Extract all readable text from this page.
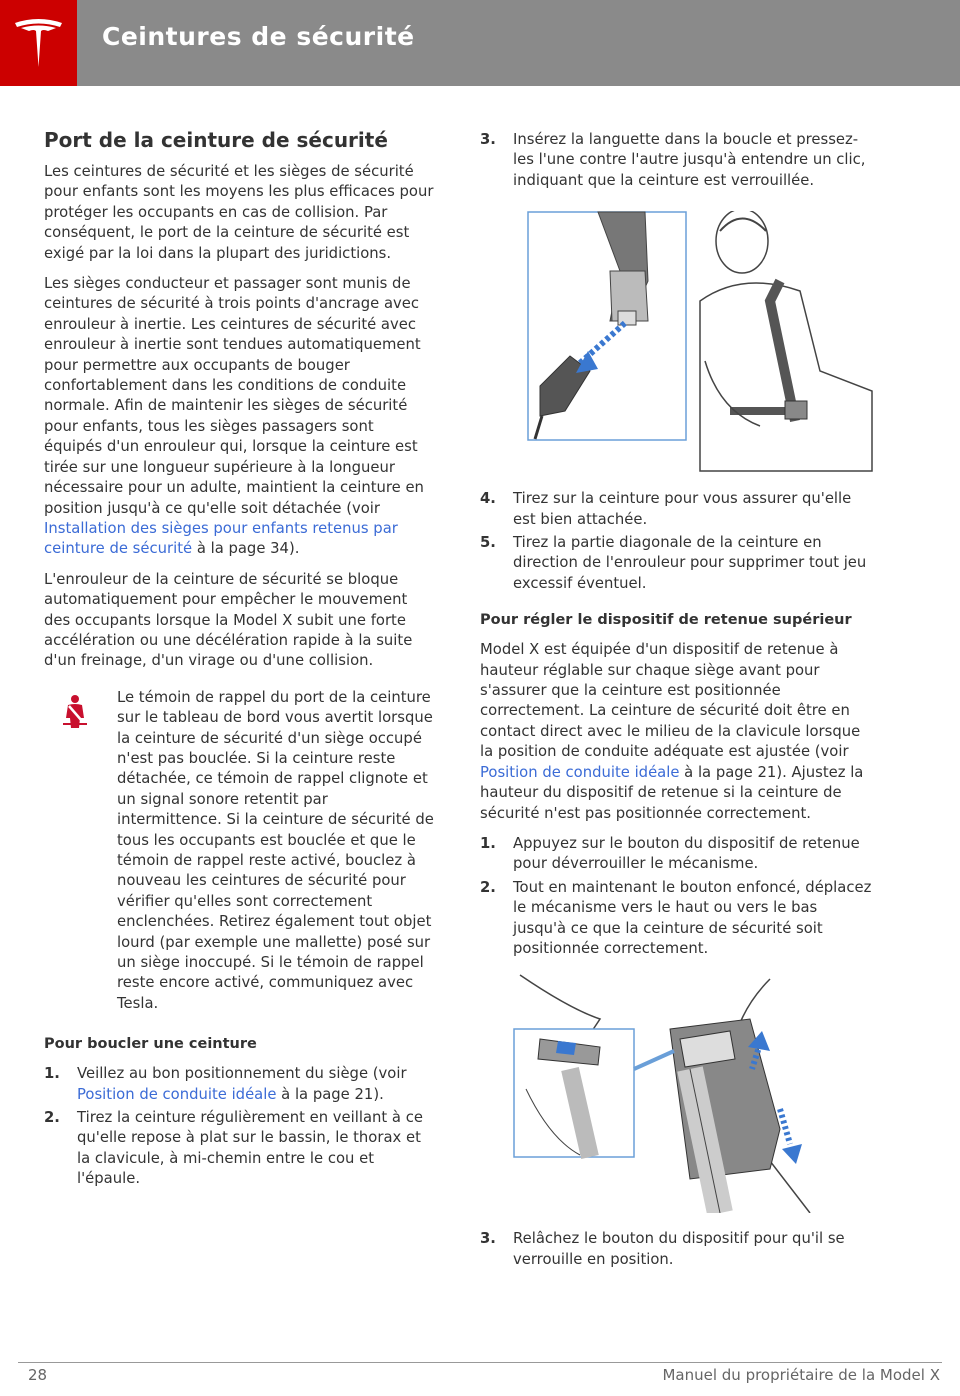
Ceintures de sécurité
Port de la ceinture de sécurité

Les ceintures de sécurité et les sièges de sécurité pour enfants sont les moyens les plus efficaces pour protéger les occupants en cas de collision. Par conséquent, le port de la ceinture de sécurité est exigé par la loi dans la plupart des juridictions.

Les sièges conducteur et passager sont munis de ceintures de sécurité à trois points d'ancrage avec enrouleur à inertie. Les ceintures de sécurité avec enrouleur à inertie sont tendues automatiquement pour permettre aux occupants de bouger confortablement dans les conditions de conduite normale. Afin de maintenir les sièges de sécurité pour enfants, tous les sièges passagers sont équipés d'un enrouleur qui, lorsque la ceinture est tirée sur une longueur supérieure à la longueur nécessaire pour un adulte, maintient la ceinture en position jusqu'à ce qu'elle soit détachée (voir Installation des sièges pour enfants retenus par ceinture de sécurité à la page 34).

L'enrouleur de la ceinture de sécurité se bloque automatiquement pour empêcher le mouvement des occupants lorsque la Model X subit une forte accélération ou une décélération rapide à la suite d'un freinage, d'un virage ou d'une collision.

Le témoin de rappel du port de la ceinture sur le tableau de bord vous avertit lorsque la ceinture de sécurité d'un siège occupé n'est pas bouclée. Si la ceinture reste détachée, ce témoin de rappel clignote et un signal sonore retentit par intermittence. Si la ceinture de sécurité de tous les occupants est bouclée et que le témoin de rappel reste activé, bouclez à nouveau les ceintures de sécurité pour vérifier qu'elles sont correctement enclenchées. Retirez également tout objet lourd (par exemple une mallette) posé sur un siège inoccupé. Si le témoin de rappel reste encore activé, communiquez avec Tesla.

Pour boucler une ceinture
1. Veillez au bon positionnement du siège (voir Position de conduite idéale à la page 21).
2. Tirez la ceinture régulièrement en veillant à ce qu'elle repose à plat sur le bassin, le thorax et la clavicule, à mi-chemin entre le cou et l'épaule.
3. Insérez la languette dans la boucle et pressez-les l'une contre l'autre jusqu'à entendre un clic, indiquant que la ceinture est verrouillée.
4. Tirez sur la ceinture pour vous assurer qu'elle est bien attachée.
5. Tirez la partie diagonale de la ceinture en direction de l'enrouleur pour supprimer tout jeu excessif éventuel.
Pour régler le dispositif de retenue supérieur

Model X est équipée d'un dispositif de retenue à hauteur réglable sur chaque siège avant pour s'assurer que la ceinture est positionnée correctement. La ceinture de sécurité doit être en contact direct avec le milieu de la clavicule lorsque la position de conduite adéquate est ajustée (voir Position de conduite idéale à la page 21). Ajustez la hauteur du dispositif de retenue si la ceinture de sécurité n'est pas positionnée correctement.

1. Appuyez sur le bouton du dispositif de retenue pour déverrouiller le mécanisme.
2. Tout en maintenant le bouton enfoncé, déplacez le mécanisme vers le haut ou vers le bas jusqu'à ce que la ceinture de sécurité soit positionnée correctement.
3. Relâchez le bouton du dispositif pour qu'il se verrouille en position.
28	Manuel du propriétaire de la Model X
